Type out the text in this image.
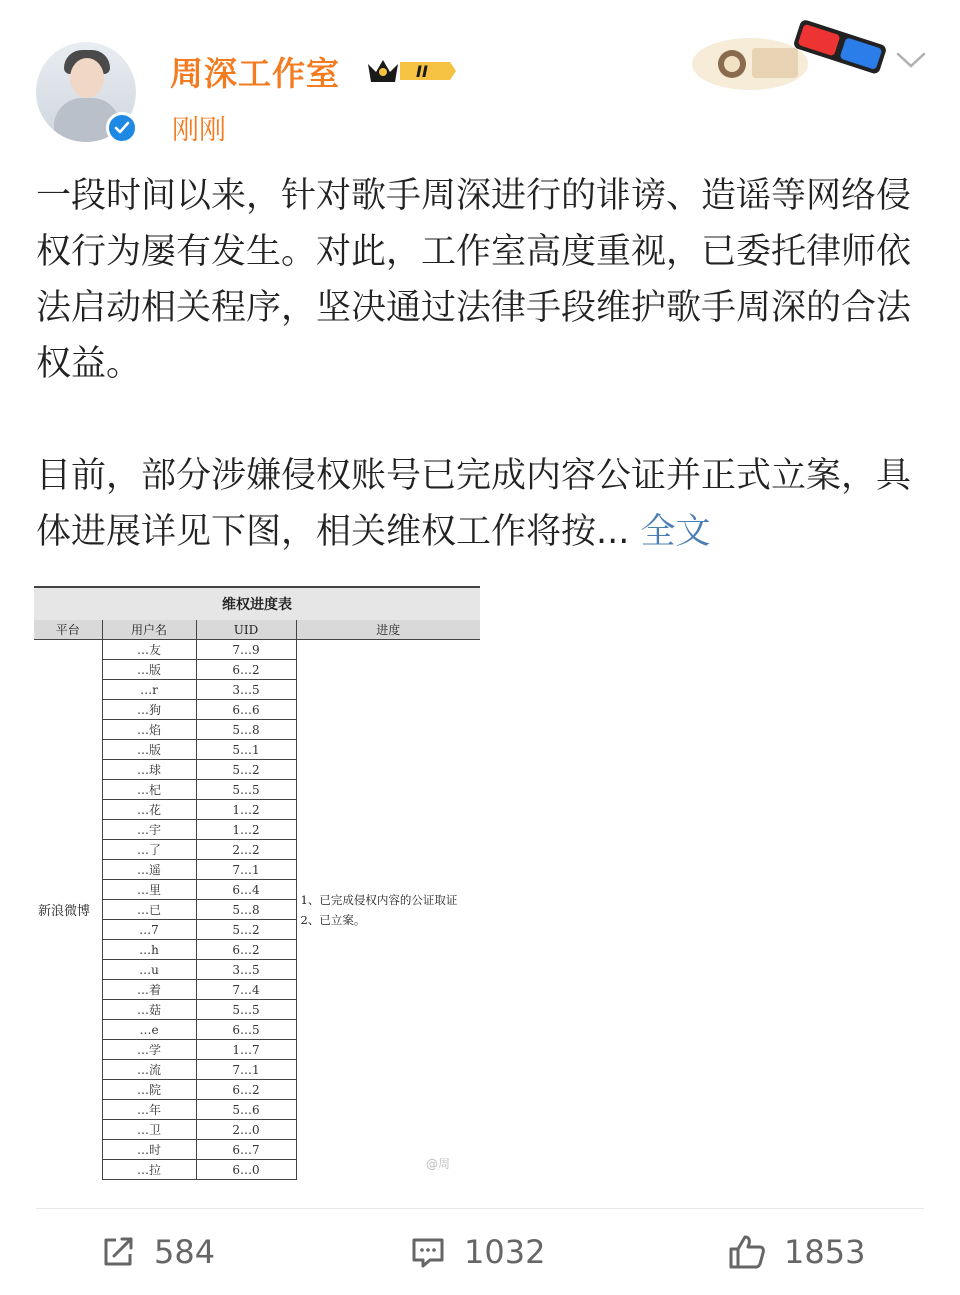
周深工作室	II
刚刚

一段时间以来，针对歌手周深进行的诽谤、造谣等网络侵权行为屡有发生。对此，工作室高度重视，已委托律师依法启动相关程序，坚决通过法律手段维护歌手周深的合法权益。

目前，部分涉嫌侵权账号已完成内容公证并正式立案，具体进展详见下图，相关维权工作将按... 全文

维权进度表			
平台	用户名	UID	进度
新浪微博	…友	7…9	1、已完成侵权内容的公证取证
2、已立案。

	…版	6…2	
	…r	3…5	
	…狗	6…6	
	…焰	5…8	
	…版	5…1	
	…球	5…2	
	…杞	5…5	
	…花	1…2	
	…宇	1…2	
	…了	2…2	
	…遥	7…1	
	…里	6…4	
	…已	5…8	
	…7	5…2	
	…h	6…2	
	…u	3…5	
	…着	7…4	
	…菇	5…5	
	…e	6…5	
	…学	1…7	
	…流	7…1	
	…院	6…2	
	…年	5…6	
	…卫	2…0	
	…时	6…7	
	…拉	6…0		@周
584	1032	1853
